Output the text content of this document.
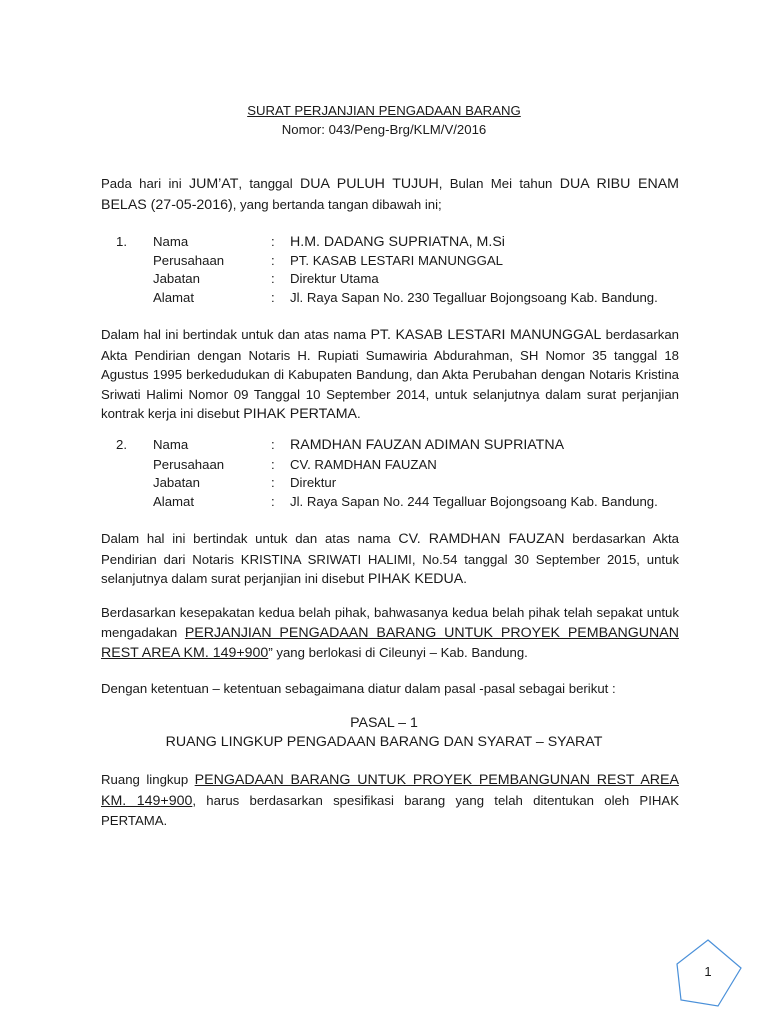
SURAT PERJANJIAN PENGADAAN BARANG
Nomor: 043/Peng-Brg/KLM/V/2016
Pada hari ini JUM’AT, tanggal DUA PULUH TUJUH, Bulan Mei tahun DUA RIBU ENAM BELAS (27-05-2016), yang bertanda tangan dibawah ini;
1. Nama	: H.M. DADANG SUPRIATNA, M.Si
Perusahaan	: PT. KASAB LESTARI MANUNGGAL
Jabatan	: Direktur Utama
Alamat	: Jl. Raya Sapan No. 230 Tegalluar Bojongsoang Kab. Bandung.
Dalam hal ini bertindak untuk dan atas nama PT. KASAB LESTARI MANUNGGAL berdasarkan Akta Pendirian dengan Notaris H. Rupiati Sumawiria Abdurahman, SH Nomor 35 tanggal 18 Agustus 1995 berkedudukan di Kabupaten Bandung, dan Akta Perubahan dengan Notaris Kristina Sriwati Halimi Nomor 09 Tanggal 10 September 2014, untuk selanjutnya dalam surat perjanjian kontrak kerja ini disebut PIHAK PERTAMA.
2. Nama	: RAMDHAN FAUZAN ADIMAN SUPRIATNA
Perusahaan	: CV. RAMDHAN FAUZAN
Jabatan	: Direktur
Alamat	: Jl. Raya Sapan No. 244 Tegalluar Bojongsoang Kab. Bandung.
Dalam hal ini bertindak untuk dan atas nama CV. RAMDHAN FAUZAN berdasarkan Akta Pendirian dari Notaris KRISTINA SRIWATI HALIMI, No.54 tanggal 30 September 2015, untuk selanjutnya dalam surat perjanjian ini disebut PIHAK KEDUA.
Berdasarkan kesepakatan kedua belah pihak, bahwasanya kedua belah pihak telah sepakat untuk mengadakan PERJANJIAN PENGADAAN BARANG UNTUK PROYEK PEMBANGUNAN REST AREA KM. 149+900” yang berlokasi di Cileunyi – Kab. Bandung.
Dengan ketentuan – ketentuan sebagaimana diatur dalam pasal -pasal sebagai berikut :
PASAL – 1
RUANG LINGKUP PENGADAAN BARANG DAN SYARAT – SYARAT
Ruang lingkup PENGADAAN BARANG UNTUK PROYEK PEMBANGUNAN REST AREA KM. 149+900, harus berdasarkan spesifikasi barang yang telah ditentukan oleh PIHAK PERTAMA.
1
